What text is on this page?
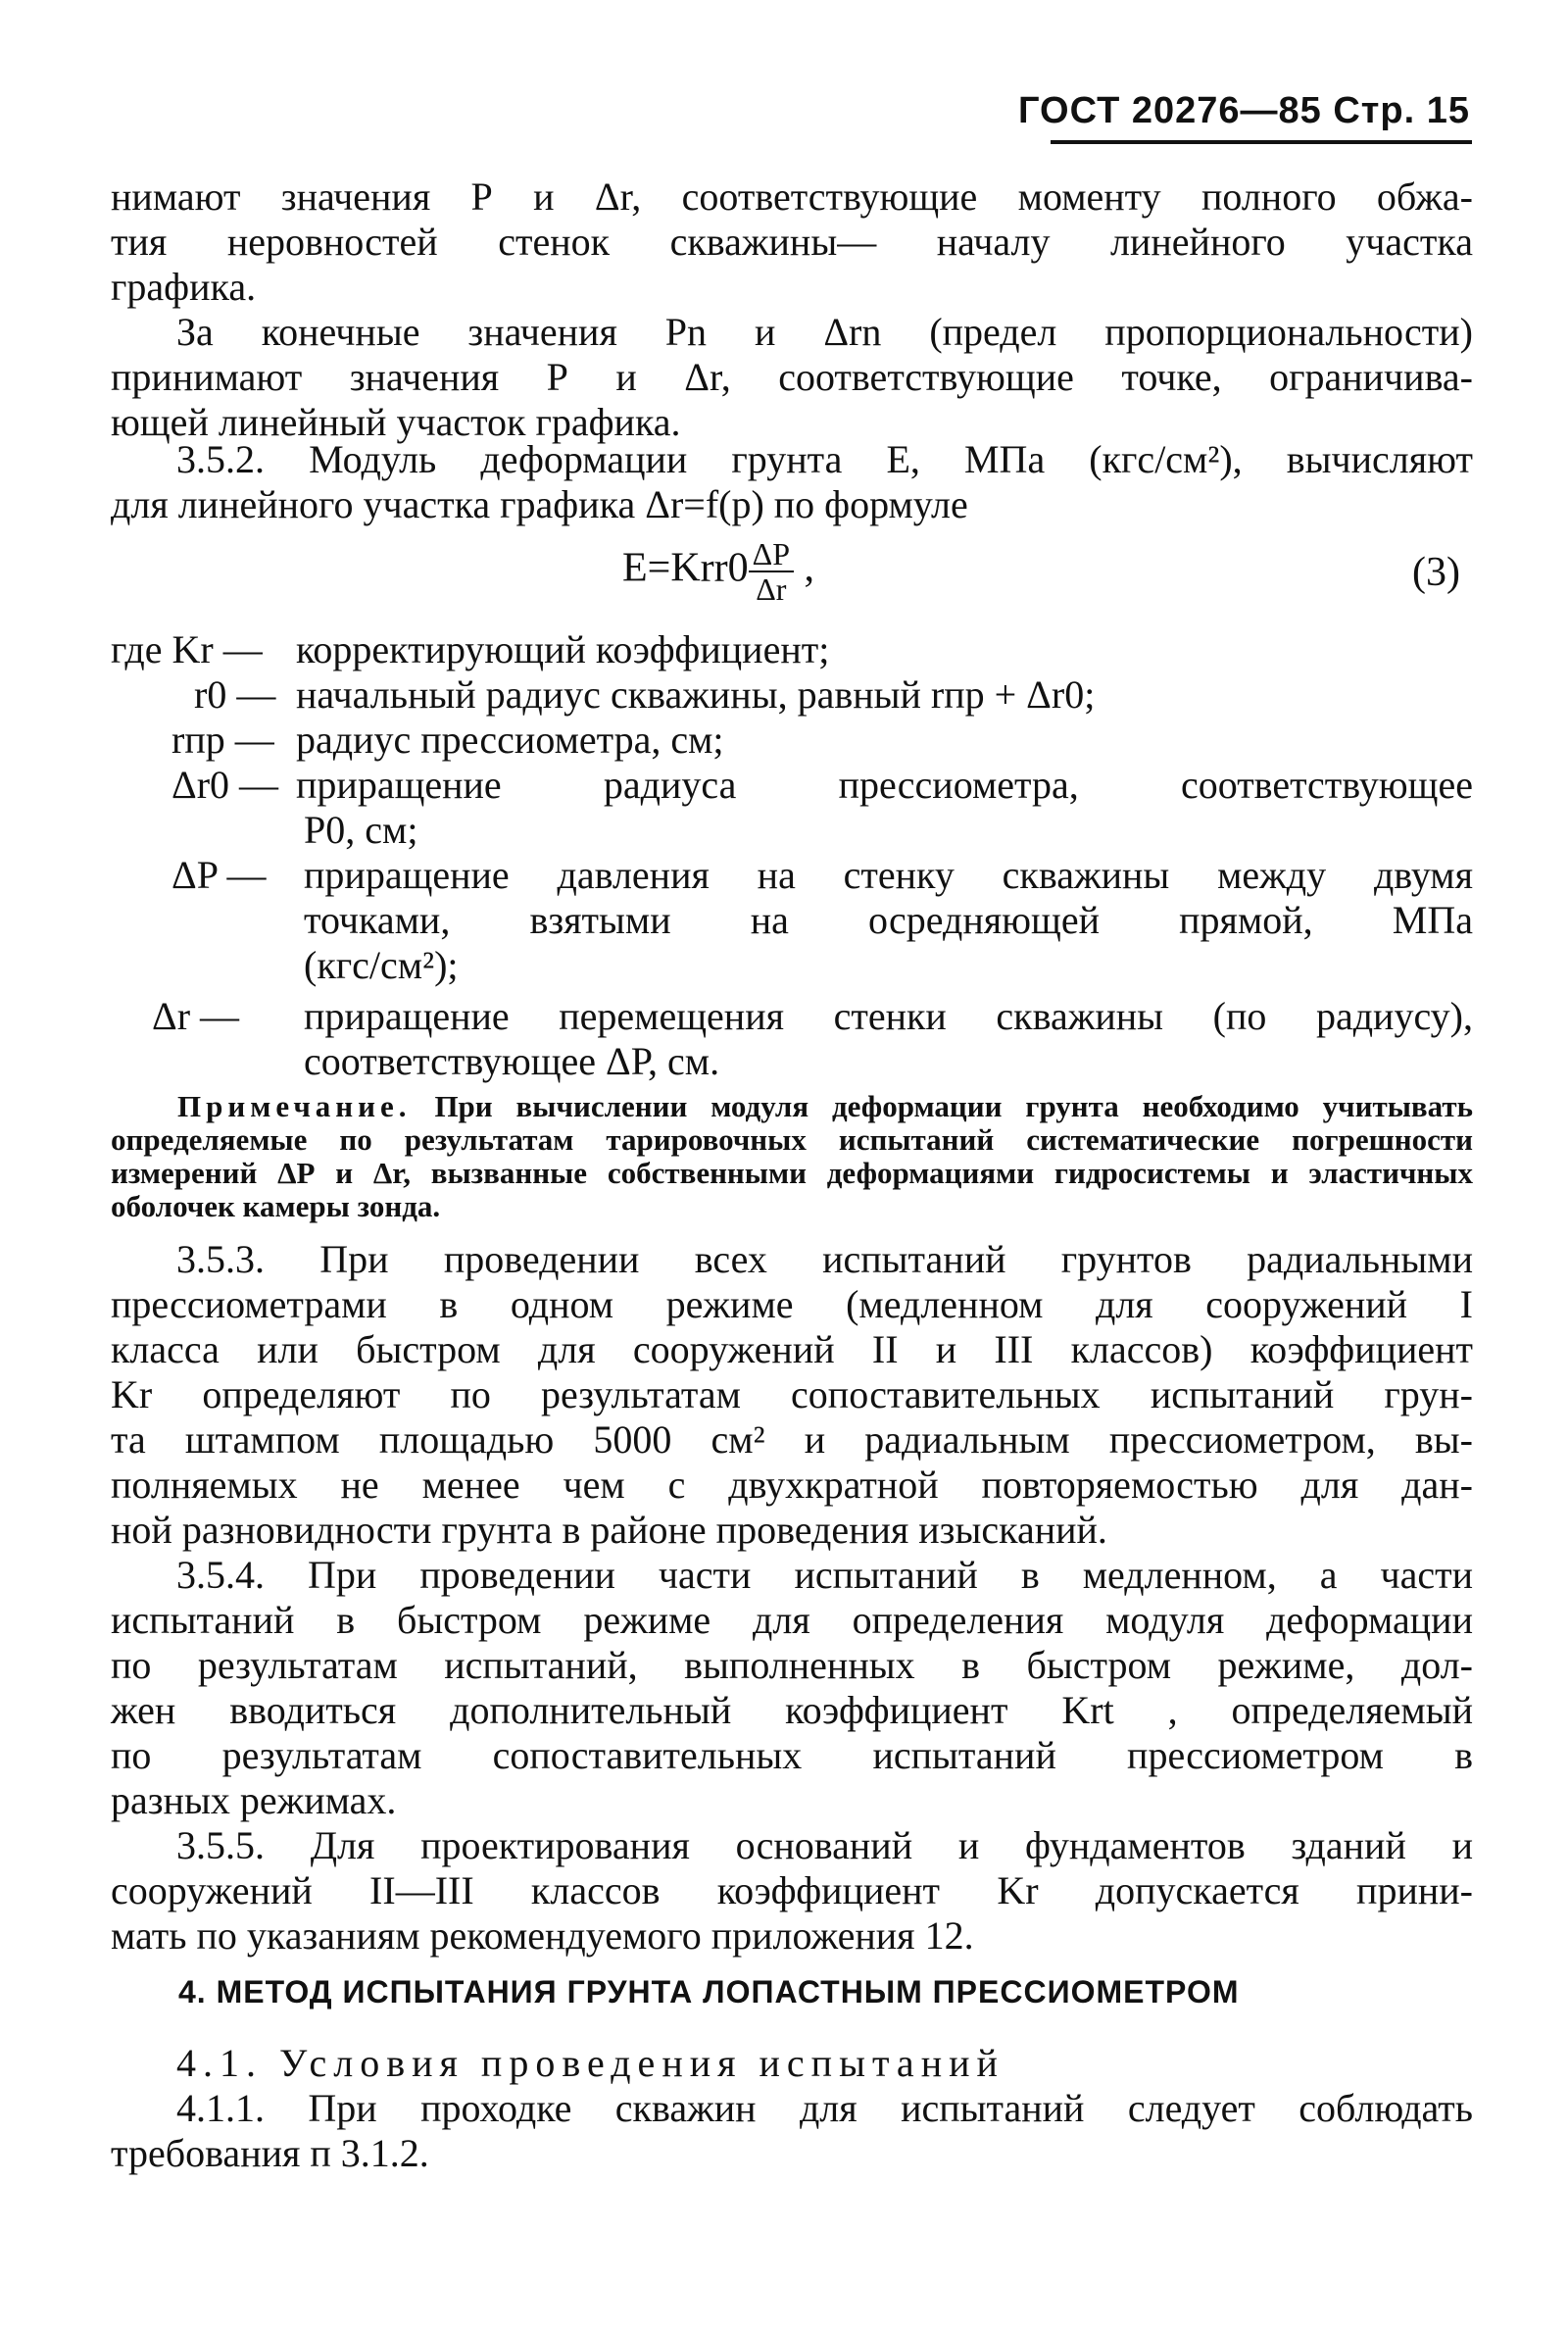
ГОСТ 20276—85 Стр. 15
нимают значения Р и Δr, соответствующие моменту полного обжа-
тия неровностей стенок скважины— началу линейного участка
графика.
За конечные значения Рn и Δrn (предел пропорциональности)
принимают значения Р и Δr, соответствующие точке, ограничива-
ющей линейный участок графика.
3.5.2. Модуль деформации грунта Е, МПа (кгс/см²), вычисляют
для линейного участка графика Δr=f(p) по формуле
$Е=Krr0 \frac{\Delta P}{\Delta r}$ ,	(3)
где Kr — корректирующий коэффициент;
r0 — начальный радиус скважины, равный rпр + Δr0;
rпр — радиус прессиометра, см;
Δr0 — приращение радиуса прессиометра, соответствующее
Р0, см;
ΔP — приращение давления на стенку скважины между двумя
точками, взятыми на осредняющей прямой, МПа
(кгс/см²);
Δr — приращение перемещения стенки скважины (по радиусу),
соответствующее ΔР, см.
Примечание. При вычислении модуля деформации грунта необходимо учитывать определяемые по результатам тарировочных испытаний систематические погрешности измерений ΔР и Δr, вызванные собственными деформациями гидросистемы и эластичных оболочек камеры зонда.
3.5.3. При проведении всех испытаний грунтов радиальными
прессиометрами в одном режиме (медленном для сооружений I
класса или быстром для сооружений II и III классов) коэффициент
Kr определяют по результатам сопоставительных испытаний грун-
та штампом площадью 5000 см² и радиальным прессиометром, вы-
полняемых не менее чем с двухкратной повторяемостью для дан-
ной разновидности грунта в районе проведения изысканий.
3.5.4. При проведении части испытаний в медленном, а части
испытаний в быстром режиме для определения модуля деформации
по результатам испытаний, выполненных в быстром режиме, дол-
жен вводиться дополнительный коэффициент Krt , определяемый
по результатам сопоставительных испытаний прессиометром в
разных режимах.
3.5.5. Для проектирования оснований и фундаментов зданий и
сооружений II—III классов коэффициент Kr допускается прини-
мать по указаниям рекомендуемого приложения 12.
4. МЕТОД ИСПЫТАНИЯ ГРУНТА ЛОПАСТНЫМ ПРЕССИОМЕТРОМ
4.1. Условия проведения испытаний
4.1.1. При проходке скважин для испытаний следует соблюдать
требования п 3.1.2.
